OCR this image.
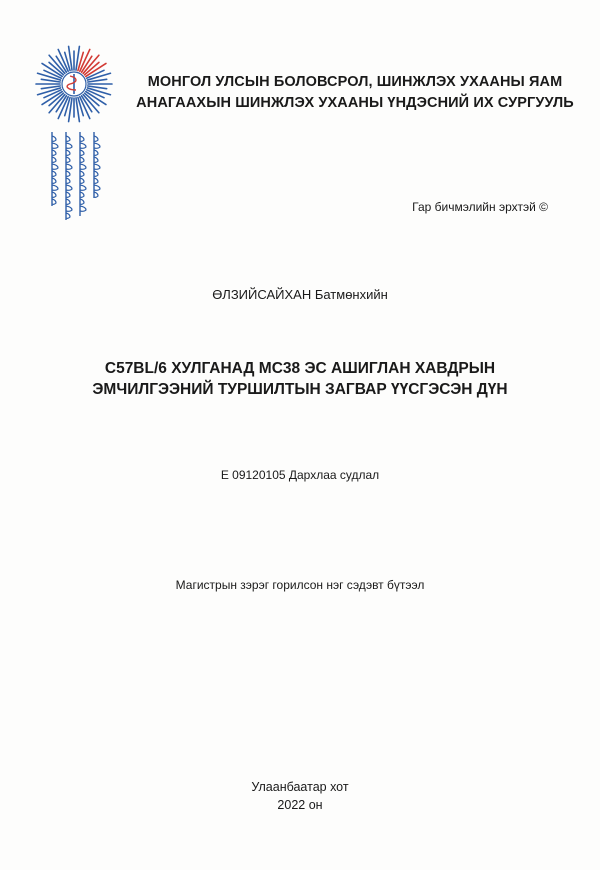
МОНГОЛ УЛСЫН БОЛОВСРОЛ, ШИНЖЛЭХ УХААНЫ ЯАМ
АНАГААХЫН ШИНЖЛЭХ УХААНЫ ҮНДЭСНИЙ ИХ СУРГУУЛЬ
Гар бичмэлийн эрхтэй ©
ӨЛЗИЙСАЙХАН Батмөнхийн
C57BL/6 ХУЛГАНАД MC38 ЭС АШИГЛАН ХАВДРЫН
ЭМЧИЛГЭЭНИЙ ТУРШИЛТЫН ЗАГВАР ҮҮСГЭСЭН ДҮН
E 09120105 Дархлаа судлал
Магистрын зэрэг горилсон нэг сэдэвт бүтээл
Улаанбаатар хот
2022 он
